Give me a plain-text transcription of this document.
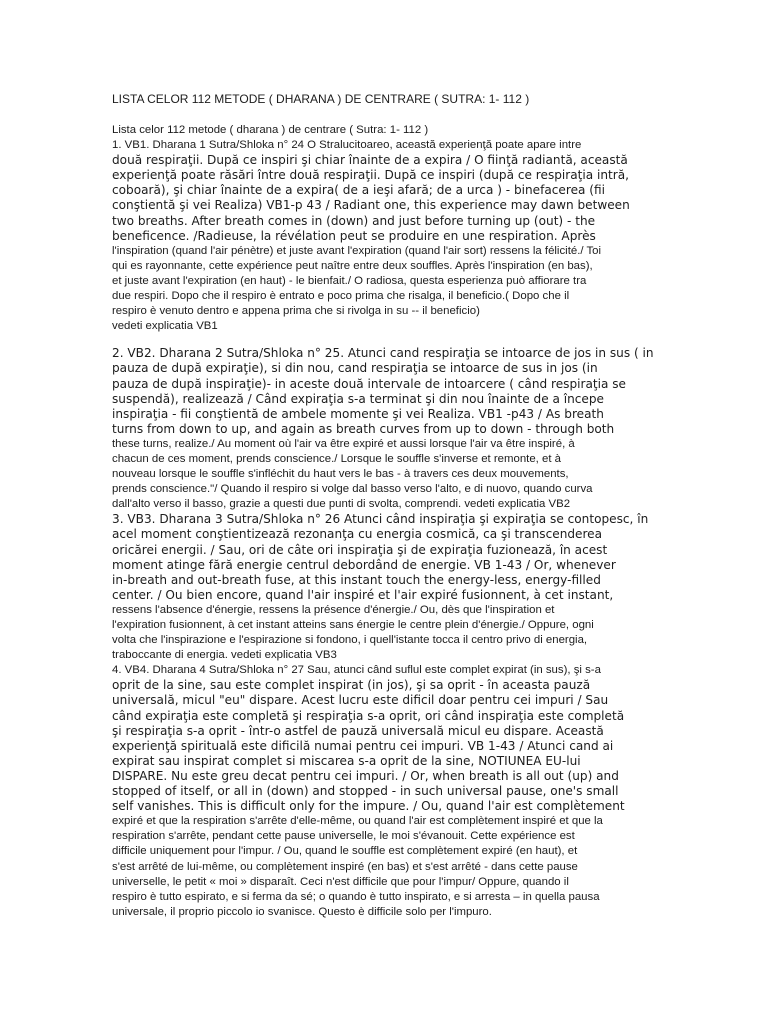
LISTA CELOR 112 METODE ( DHARANA ) DE CENTRARE ( SUTRA: 1- 112 )
Lista celor 112 metode ( dharana ) de centrare ( Sutra: 1- 112 )
1. VB1. Dharana 1 Sutra/Shloka n° 24 O Stralucitoareo, această experienţă poate apare intre
două respiraţii. După ce inspiri şi chiar înainte de a expira / O fiinţă radiantă, această
experienţă poate răsări între două respiraţii. După ce inspiri (după ce respiraţia intră,
coboară), şi chiar înainte de a expira( de a ieşi afară; de a urca ) - binefacerea (fii
conştientă şi vei Realiza) VB1-p 43 / Radiant one, this experience may dawn between
two breaths. After breath comes in (down) and just before turning up (out) - the
beneficence. /Radieuse, la révélation peut se produire en une respiration. Après
l'inspiration (quand l'air pénètre) et juste avant l'expiration (quand l'air sort) ressens la félicité./ Toi
qui es rayonnante, cette expérience peut naître entre deux souffles. Après l'inspiration (en bas),
et juste avant l'expiration (en haut) - le bienfait./ O radiosa, questa esperienza può affiorare tra
due respiri. Dopo che il respiro è entrato e poco prima che risalga, il beneficio.( Dopo che il
respiro è venuto dentro e appena prima che si rivolga in su -- il beneficio)
vedeti explicatia VB1
2. VB2. Dharana 2 Sutra/Shloka n° 25. Atunci cand respiraţia se intoarce de jos in sus ( in
pauza de după expiraţie), si din nou, cand respiraţia se intoarce de sus in jos (in
pauza de după inspiraţie)- in aceste două intervale de intoarcere ( când respiraţia se
suspendă), realizează / Când expiraţia s-a terminat şi din nou înainte de a începe
inspiraţia - fii conştientă de ambele momente şi vei Realiza. VB1 -p43 / As breath
turns from down to up, and again as breath curves from up to down - through both
these turns, realize./ Au moment où l'air va être expiré et aussi lorsque l'air va être inspiré, à
chacun de ces moment, prends conscience./ Lorsque le souffle s'inverse et remonte, et à
nouveau lorsque le souffle s'infléchit du haut vers le bas - à travers ces deux mouvements,
prends conscience."/ Quando il respiro si volge dal basso verso l'alto, e di nuovo, quando curva
dall'alto verso il basso, grazie a questi due punti di svolta, comprendi. vedeti explicatia VB2
3. VB3. Dharana 3 Sutra/Shloka n° 26 Atunci când inspiraţia şi expiraţia se contopesc, în
acel moment conştientizează rezonanţa cu energia cosmică, ca şi transcenderea
oricărei energii. / Sau, ori de câte ori inspiraţia şi de expiraţia fuzionează, în acest
moment atinge fără energie centrul debordând de energie. VB 1-43 / Or, whenever
in-breath and out-breath fuse, at this instant touch the energy-less, energy-filled
center. / Ou bien encore, quand l'air inspiré et l'air expiré fusionnent, à cet instant,
ressens l'absence d'énergie, ressens la présence d'énergie./ Ou, dès que l'inspiration et
l'expiration fusionnent, à cet instant atteins sans énergie le centre plein d'énergie./ Oppure, ogni
volta che l'inspirazione e l'espirazione si fondono, i quell'istante tocca il centro privo di energia,
traboccante di energia. vedeti explicatia VB3
4. VB4. Dharana 4 Sutra/Shloka n° 27 Sau, atunci când suflul este complet expirat (in sus), şi s-a
oprit de la sine, sau este complet inspirat (in jos), şi sa oprit - în aceasta pauză
universală, micul "eu" dispare. Acest lucru este dificil doar pentru cei impuri / Sau
când expiraţia este completă şi respiraţia s-a oprit, ori când inspiraţia este completă
şi respiraţia s-a oprit - într-o astfel de pauză universală micul eu dispare. Această
experienţă spirituală este dificilă numai pentru cei impuri. VB 1-43 / Atunci cand ai
expirat sau inspirat complet si miscarea s-a oprit de la sine, NOTIUNEA EU-lui
DISPARE. Nu este greu decat pentru cei impuri. / Or, when breath is all out (up) and
stopped of itself, or all in (down) and stopped - in such universal pause, one's small
self vanishes. This is difficult only for the impure. / Ou, quand l'air est complètement
expiré et que la respiration s'arrête d'elle-même, ou quand l'air est complètement inspiré et que la
respiration s'arrête, pendant cette pause universelle, le moi s'évanouit. Cette expérience est
difficile uniquement pour l'impur. / Ou, quand le souffle est complètement expiré (en haut), et
s'est arrêté de lui-même, ou complètement inspiré (en bas) et s'est arrêté - dans cette pause
universelle, le petit « moi » disparaît. Ceci n'est difficile que pour l'impur/ Oppure, quando il
respiro è tutto espirato, e si ferma da sé; o quando è tutto inspirato, e si arresta – in quella pausa
universale, il proprio piccolo io svanisce. Questo è difficile solo per l'impuro.
